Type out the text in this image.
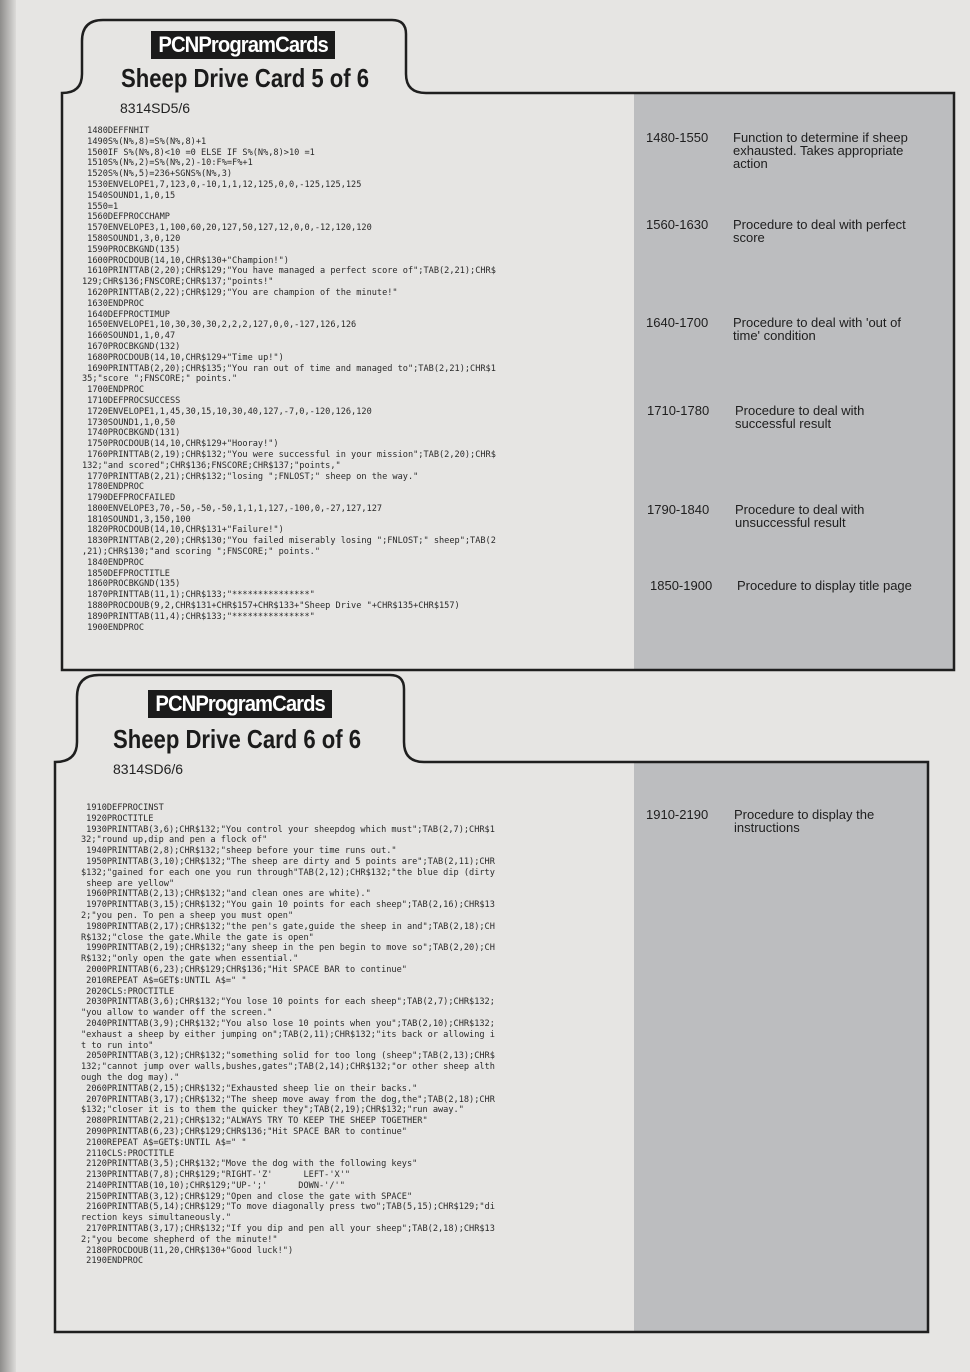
PCNProgramCards
Sheep Drive Card 5 of 6
8314SD5/6
1480DEFFNHIT
1490S%(N%,8)=S%(N%,8)+1
1500IF S%(N%,8)<10 =0 ELSE IF S%(N%,8)>10 =1
1510S%(N%,2)=S%(N%,2)-10:F%=F%+1
1520S%(N%,5)=236+SGNS%(N%,3)
1530ENVELOPE1,7,123,0,-10,1,1,12,125,0,0,-125,125,125
1540SOUND1,1,0,15
1550=1
1560DEFPROCCHAMP
1570ENVELOPE3,1,100,60,20,127,50,127,12,0,0,-12,120,120
1580SOUND1,3,0,120
1590PROCBKGND(135)
1600PROCDOUB(14,10,CHR$130+"Champion!")
1610PRINTTAB(2,20);CHR$129;"You have managed a perfect score of";TAB(2,21);CHR$
129;CHR$136;FNSCORE;CHR$137;"points!"
1620PRINTTAB(2,22);CHR$129;"You are champion of the minute!"
1630ENDPROC
1640DEFPROCTIMUP
1650ENVELOPE1,10,30,30,30,2,2,2,127,0,0,-127,126,126
1660SOUND1,1,0,47
1670PROCBKGND(132)
1680PROCDOUB(14,10,CHR$129+"Time up!")
1690PRINTTAB(2,20);CHR$135;"You ran out of time and managed to";TAB(2,21);CHR$1
35;"score ";FNSCORE;" points."
1700ENDPROC
1710DEFPROCSUCCESS
1720ENVELOPE1,1,45,30,15,10,30,40,127,-7,0,-120,126,120
1730SOUND1,1,0,50
1740PROCBKGND(131)
1750PROCDOUB(14,10,CHR$129+"Hooray!")
1760PRINTTAB(2,19);CHR$132;"You were successful in your mission";TAB(2,20);CHR$
132;"and scored";CHR$136;FNSCORE;CHR$137;"points,"
1770PRINTTAB(2,21);CHR$132;"losing ";FNLOST;" sheep on the way."
1780ENDPROC
1790DEFPROCFAILED
1800ENVELOPE3,70,-50,-50,-50,1,1,1,127,-100,0,-27,127,127
1810SOUND1,3,150,100
1820PROCDOUB(14,10,CHR$131+"Failure!")
1830PRINTTAB(2,20);CHR$130;"You failed miserably losing ";FNLOST;" sheep";TAB(2
,21);CHR$130;"and scoring ";FNSCORE;" points."
1840ENDPROC
1850DEFPROCTITLE
1860PROCBKGND(135)
1870PRINTTAB(11,1);CHR$133;"***************"
1880PROCDOUB(9,2,CHR$131+CHR$157+CHR$133+"Sheep Drive "+CHR$135+CHR$157)
1890PRINTTAB(11,4);CHR$133;"***************"
1900ENDPROC
1480-1550 Function to determine if sheep exhausted. Takes appropriate action
1560-1630 Procedure to deal with perfect score
1640-1700 Procedure to deal with 'out of time' condition
1710-1780 Procedure to deal with successful result
1790-1840 Procedure to deal with unsuccessful result
1850-1900 Procedure to display title page
PCNProgramCards
Sheep Drive Card 6 of 6
8314SD6/6
1910DEFPROCINST
1920PROCTITLE
1930PRINTTAB(3,6);CHR$132;"You control your sheepdog which must";TAB(2,7);CHR$1
32;"round up,dip and pen a flock of"
1940PRINTTAB(2,8);CHR$132;"sheep before your time runs out."
1950PRINTTAB(3,10);CHR$132;"The sheep are dirty and 5 points are";TAB(2,11);CHR
$132;"gained for each one you run through"TAB(2,12);CHR$132;"the blue dip (dirty
sheep are yellow"
1960PRINTTAB(2,13);CHR$132;"and clean ones are white)."
1970PRINTTAB(3,15);CHR$132;"You gain 10 points for each sheep";TAB(2,16);CHR$13
2;"you pen. To pen a sheep you must open"
1980PRINTTAB(2,17);CHR$132;"the pen's gate,guide the sheep in and";TAB(2,18);CH
R$132;"close the gate.While the gate is open"
1990PRINTTAB(2,19);CHR$132;"any sheep in the pen begin to move so";TAB(2,20);CH
R$132;"only open the gate when essential."
2000PRINTTAB(6,23);CHR$129;CHR$136;"Hit SPACE BAR to continue"
2010REPEAT A$=GET$:UNTIL A$=" "
2020CLS:PROCTITLE
2030PRINTTAB(3,6);CHR$132;"You lose 10 points for each sheep";TAB(2,7);CHR$132;
"you allow to wander off the screen."
2040PRINTTAB(3,9);CHR$132;"You also lose 10 points when you";TAB(2,10);CHR$132;
"exhaust a sheep by either jumping on";TAB(2,11);CHR$132;"its back or allowing i
t to run into"
2050PRINTTAB(3,12);CHR$132;"something solid for too long (sheep";TAB(2,13);CHR$
132;"cannot jump over walls,bushes,gates";TAB(2,14);CHR$132;"or other sheep alth
ough the dog may)."
2060PRINTTAB(2,15);CHR$132;"Exhausted sheep lie on their backs."
2070PRINTTAB(3,17);CHR$132;"The sheep move away from the dog,the";TAB(2,18);CHR
$132;"closer it is to them the quicker they";TAB(2,19);CHR$132;"run away."
2080PRINTTAB(2,21);CHR$132;"ALWAYS TRY TO KEEP THE SHEEP TOGETHER"
2090PRINTTAB(6,23);CHR$129;CHR$136;"Hit SPACE BAR to continue"
2100REPEAT A$=GET$:UNTIL A$=" "
2110CLS:PROCTITLE
2120PRINTTAB(3,5);CHR$132;"Move the dog with the following keys"
2130PRINTTAB(7,8);CHR$129;"RIGHT-'Z'      LEFT-'X'"
2140PRINTTAB(10,10);CHR$129;"UP-';'      DOWN-'/'"
2150PRINTTAB(3,12);CHR$129;"Open and close the gate with SPACE"
2160PRINTTAB(5,14);CHR$129;"To move diagonally press two";TAB(5,15);CHR$129;"di
rection keys simultaneously."
2170PRINTTAB(3,17);CHR$132;"If you dip and pen all your sheep";TAB(2,18);CHR$13
2;"you become shepherd of the minute!"
2180PROCDOUB(11,20,CHR$130+"Good luck!")
2190ENDPROC
1910-2190 Procedure to display the instructions
